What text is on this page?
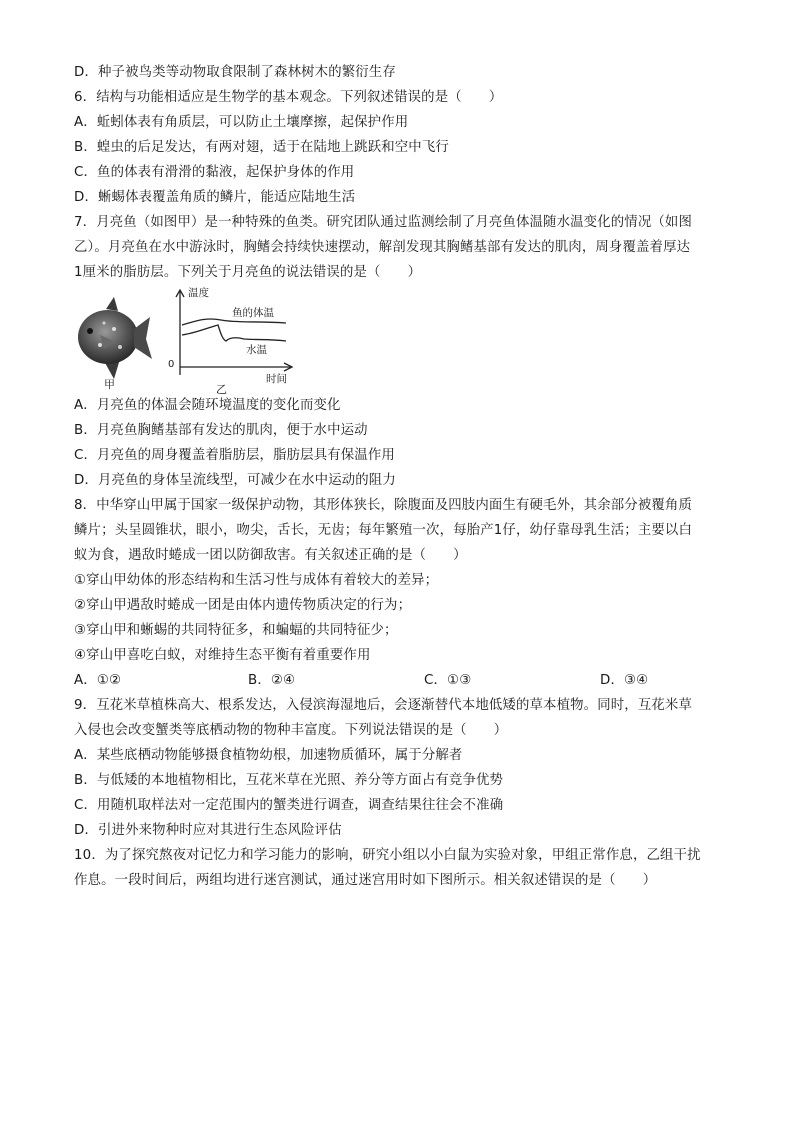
D．种子被鸟类等动物取食限制了森林树木的繁衍生存
6．结构与功能相适应是生物学的基本观念。下列叙述错误的是（　　）
A．蚯蚓体表有角质层，可以防止土壤摩擦，起保护作用
B．蝗虫的后足发达，有两对翅，适于在陆地上跳跃和空中飞行
C．鱼的体表有滑滑的黏液，起保护身体的作用
D．蜥蜴体表覆盖角质的鳞片，能适应陆地生活
7．月亮鱼（如图甲）是一种特殊的鱼类。研究团队通过监测绘制了月亮鱼体温随水温变化的情况（如图
乙）。月亮鱼在水中游泳时，胸鳍会持续快速摆动，解剖发现其胸鳍基部有发达的肌肉，周身覆盖着厚达
1厘米的脂肪层。下列关于月亮鱼的说法错误的是（　　）
甲
温度
0
时间
鱼的体温
水温
乙
A．月亮鱼的体温会随环境温度的变化而变化
B．月亮鱼胸鳍基部有发达的肌肉，便于水中运动
C．月亮鱼的周身覆盖着脂肪层，脂肪层具有保温作用
D．月亮鱼的身体呈流线型，可减少在水中运动的阻力
8．中华穿山甲属于国家一级保护动物，其形体狭长，除腹面及四肢内面生有硬毛外，其余部分被覆角质
鳞片；头呈圆锥状，眼小，吻尖，舌长，无齿；每年繁殖一次，每胎产1仔，幼仔靠母乳生活；主要以白
蚁为食，遇敌时蜷成一团以防御敌害。有关叙述正确的是（　　）
①穿山甲幼体的形态结构和生活习性与成体有着较大的差异；
②穿山甲遇敌时蜷成一团是由体内遗传物质决定的行为；
③穿山甲和蜥蜴的共同特征多，和蝙蝠的共同特征少；
④穿山甲喜吃白蚁，对维持生态平衡有着重要作用
A．①②	B．②④	C．①③	D．③④
9．互花米草植株高大、根系发达，入侵滨海湿地后，会逐渐替代本地低矮的草本植物。同时，互花米草
入侵也会改变蟹类等底栖动物的物种丰富度。下列说法错误的是（　　）
A．某些底栖动物能够摄食植物幼根，加速物质循环，属于分解者
B．与低矮的本地植物相比，互花米草在光照、养分等方面占有竞争优势
C．用随机取样法对一定范围内的蟹类进行调查，调查结果往往会不准确
D．引进外来物种时应对其进行生态风险评估
10．为了探究熬夜对记忆力和学习能力的影响，研究小组以小白鼠为实验对象，甲组正常作息，乙组干扰
作息。一段时间后，两组均进行迷宫测试，通过迷宫用时如下图所示。相关叙述错误的是（　　）
